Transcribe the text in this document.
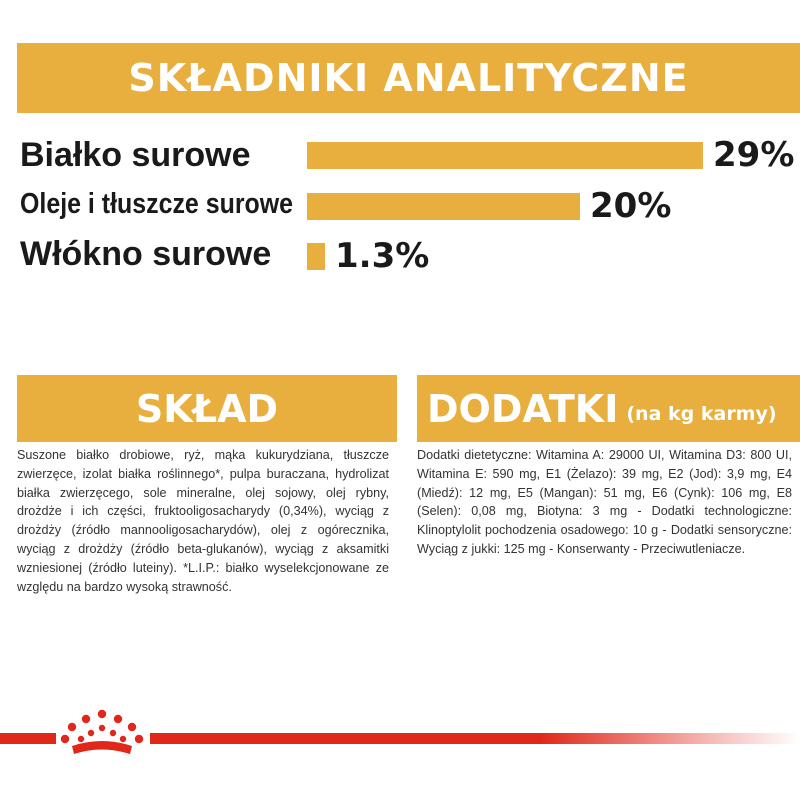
SKŁADNIKI ANALITYCZNE
Białko surowe	29%
Oleje i tłuszcze surowe	20%
Włókno surowe 1.3%
SKŁAD
Suszone białko drobiowe, ryż, mąka kukurydziana, tłuszcze zwierzęce, izolat białka roślinnego*, pulpa buraczana, hydrolizat białka zwierzęcego, sole mineralne, olej sojowy, olej rybny, drożdże i ich części, fruktooligosacharydy (0,34%), wyciąg z drożdży (źródło mannooligosacharydów), olej z ogórecznika, wyciąg z drożdży (źródło beta-glukanów), wyciąg z aksamitki wzniesionej (źródło luteiny). *L.I.P.: białko wyselekcjonowane ze względu na bardzo wysoką strawność.
DODATKI (na kg karmy)
Dodatki dietetyczne: Witamina A: 29000 UI, Witamina D3: 800 UI, Witamina E: 590 mg, E1 (Żelazo): 39 mg, E2 (Jod): 3,9 mg, E4 (Miedź): 12 mg, E5 (Mangan): 51 mg, E6 (Cynk): 106 mg, E8 (Selen): 0,08 mg, Biotyna: 3 mg - Dodatki technologiczne: Klinoptylolit pochodzenia osadowego: 10 g - Dodatki sensoryczne: Wyciąg z jukki: 125 mg - Konserwanty - Przeciwutleniacze.
